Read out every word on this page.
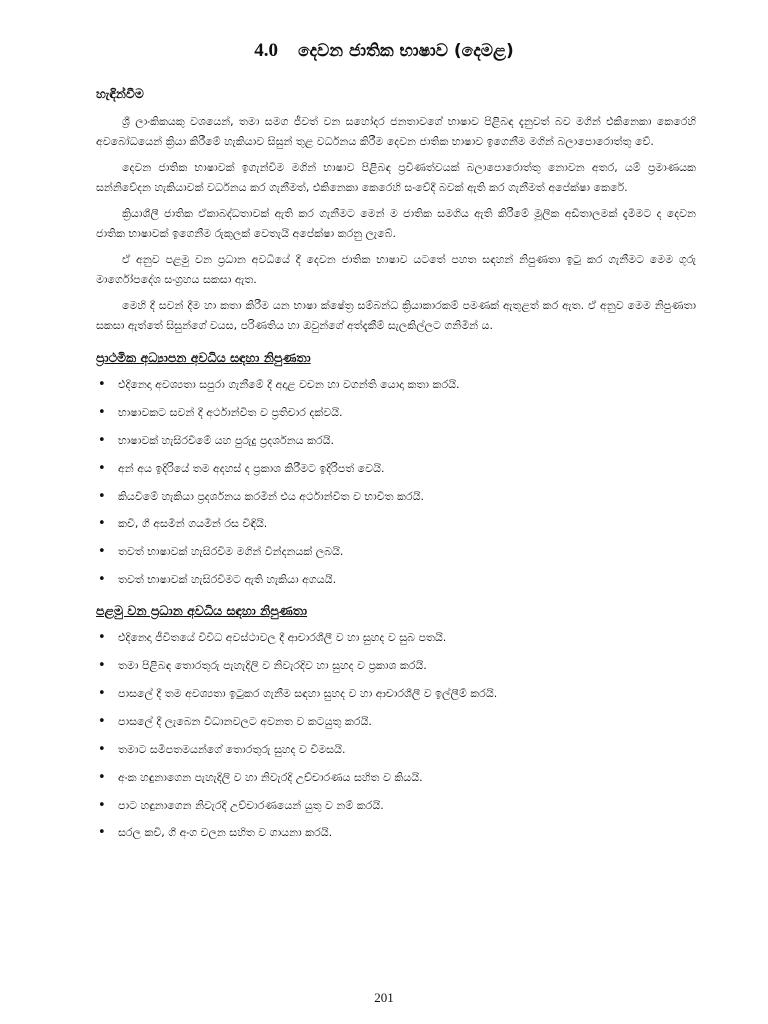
4.0 දෙවන ජාතික භාෂාව (දෙමළ)
හැඳින්වීම

ශ්‍රී ලාංකිකයකු වශයෙන්, තමා සමග ජීවත් වන සහෝදර ජනතාවගේ භාෂාව පිළිබඳ දැනුවත් බව මගින් එකිනෙකා කෙරෙහි අවබෝධයෙන් ක්‍රියා කිරීමේ හැකියාව සිසුන් තුළ වර්ධනය කිරීම දෙවන ජාතික භාෂාව ඉගෙනීම මගින් බලාපොරොත්තු වේ.

දෙවන ජාතික භාෂාවක් ඉගැන්වීම මගින් භාෂාව පිළිබඳ ප්‍රවීණත්වයක් බලාපොරොත්තු නොවන අතර, යම් ප්‍රමාණයක සන්නිවේදන හැකියාවක් වර්ධනය කර ගැනීමත්, එකිනෙකා කෙරෙහි සංවේදී බවක් ඇති කර ගැනීමත් අපේක්ෂා කෙරේ.

ක්‍රියාශීලී ජාතික ඒකාබද්ධතාවක් ඇති කර ගැනීමට මෙන් ම ජාතික සමගිය ඇති කිරීමේ මූලික අඩිතාලමක් දැමීමට ද දෙවන ජාතික භාෂාවක් ඉගෙනීම රුකුලක් වෙතැයි අපේක්ෂා කරනු ලැබේ.

ඒ අනුව පළමු වන ප්‍රධාන අවධියේ දී දෙවන ජාතික භාෂාව යටතේ පහත සඳහන් නිපුණතා ඉටු කර ගැනීමට මෙම ගුරු මාර්ගෝපදේශ සංග්‍රහය සකසා ඇත.

මෙහි දී සවන් දීම හා කතා කිරීම යන භාෂා ක්ෂේත්‍ර සම්බන්ධ ක්‍රියාකාරකම් පමණක් ඇතුළත් කර ඇත. ඒ අනුව මෙම නිපුණතා සකසා ඇත්තේ සිසුන්ගේ වයස, පරිණතිය හා ඔවුන්ගේ අත්දැකීම් සැලකිල්ලට ගනිමින් ය.

ප්‍රාථමික අධ්‍යාපන අවධිය සඳහා නිපුණතා
• එදිනෙදා අවශ්‍යතා සපුරා ගැනීමේ දී අදාළ වචන හා වගන්ති යොදා කතා කරයි.
• භාෂාවකට සවන් දී අර්ථාන්විත ව ප්‍රතිචාර දක්වයි.
• භාෂාවක් හැසිරවීමේ යහ පුරුදු ප්‍රදර්ශනය කරයි.
• අන් අය ඉදිරියේ තම අදහස් ද ප්‍රකාශ කිරීමට ඉදිරිපත් වෙයි.
• කියවීමේ හැකියා ප්‍රදර්ශනය කරමින් එය අර්ථාන්විත ව භාවිත කරයි.
• කවි, ගී අසමින් ගයමින් රස විඳියි.
• තවත් භාෂාවක් හැසිරවීම මගින් වින්දනයක් ලබයි.
• තවත් භාෂාවක් හැසිරවීමට ඇති හැකියා අගයයි.
පළමු වන ප්‍රධාන අවධිය සඳහා නිපුණතා
• එදිනෙදා ජීවිතයේ විවිධ අවස්ථාවල දී ආචාරශීලී ව හා සුහද ව සුබ පතයි.
• තමා පිළිබඳ තොරතුරු පැහැදිලි ව නිවැරදිව හා සුහද ව ප්‍රකාශ කරයි.
• පාසලේ දී තම අවශ්‍යතා ඉටුකර ගැනීම සඳහා සුහද ව හා ආචාරශීලී ව ඉල්ලීම් කරයි.
• පාසලේ දී ලැබෙන විධානවලට අවනත ව කටයුතු කරයි.
• තමාට සමීපතමයන්ගේ තොරතුරු සුහද ව විමසයි.
• අංක හඳුනාගෙන පැහැදිලි ව හා නිවැරදි උච්චාරණය සහිත ව කියයි.
• පාට හඳුනාගෙන නිවැරදි උච්චාරණයෙන් යුතු ව නම් කරයි.
• සරල කවි, ගී අංග චලන සහිත ව ගායනා කරයි.
201
